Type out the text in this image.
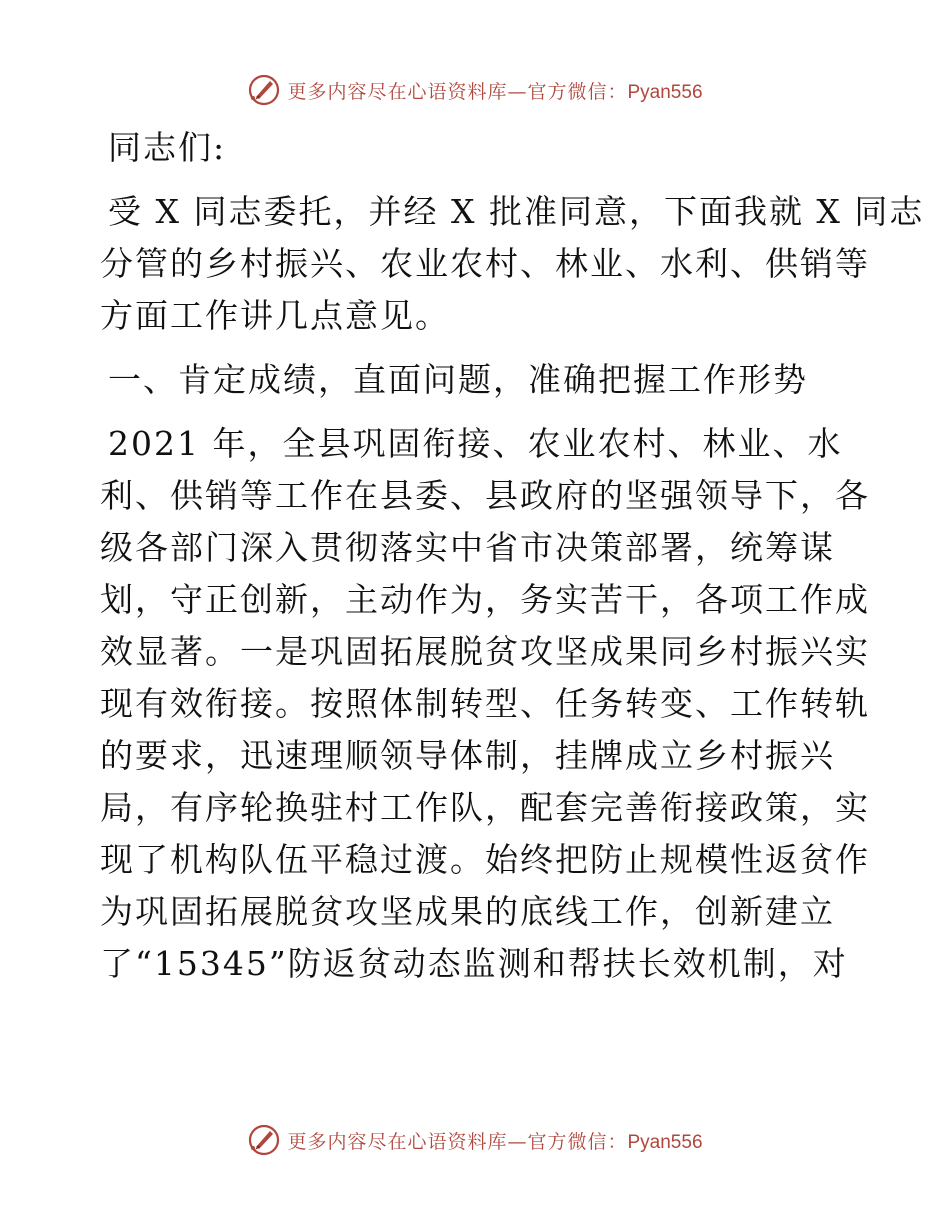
更多内容尽在心语资料库—官方微信：Pyan556
同志们:
受 X 同志委托，并经 X 批准同意，下面我就 X 同志
分管的乡村振兴、农业农村、林业、水利、供销等
方面工作讲几点意见。
一、肯定成绩，直面问题，准确把握工作形势
2021 年，全县巩固衔接、农业农村、林业、水
利、供销等工作在县委、县政府的坚强领导下，各
级各部门深入贯彻落实中省市决策部署，统筹谋
划，守正创新，主动作为，务实苦干，各项工作成
效显著。一是巩固拓展脱贫攻坚成果同乡村振兴实
现有效衔接。按照体制转型、任务转变、工作转轨
的要求，迅速理顺领导体制，挂牌成立乡村振兴
局，有序轮换驻村工作队，配套完善衔接政策，实
现了机构队伍平稳过渡。始终把防止规模性返贫作
为巩固拓展脱贫攻坚成果的底线工作，创新建立
了“15345”防返贫动态监测和帮扶长效机制，对
更多内容尽在心语资料库—官方微信：Pyan556
